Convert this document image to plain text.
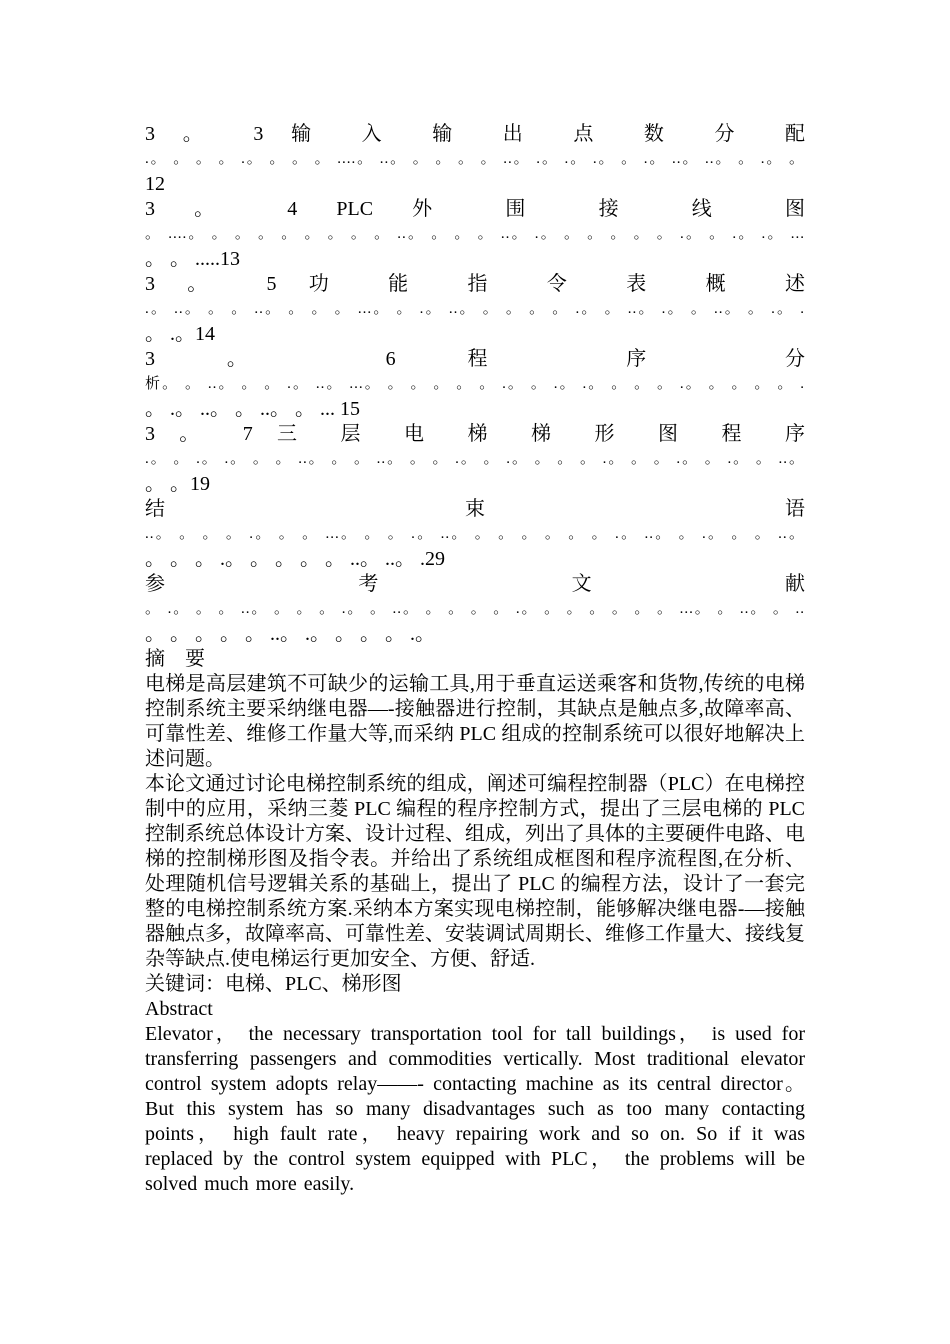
3 。 3 输 入 输 出 点 数 分 配
.。 。 。 。 .。 。 。 。 ....。 ..。 。 。 。 。 ..。 .。 .。 .。 。 .。 ..。 ..。 。 .。 。
12
3 。 4 PLC 外 围 接 线 图
。 ....。 。 。 。 。 。 。 。 。 ..。 。 。 。 ..。 .。 。 。 。 。 。 .。 。 .。 .。 ...
。 。 .....13
3 。 5 功 能 指 令 表 概 述
.。 ..。 。 。 ..。 。 。 。 ...。 。 .。 ..。 。 。 。 。 .。 。 ..。 .。 。 ..。 。 .。 .
。 .。14
3 。 6 程 序 分
析。 。 ..。 。 。 .。 ..。 ...。 。 。 。 。 。 .。 。 .。 .。 。 。 。 .。 。 。 。 。 .
。 .。 ..。 。 ..。 。 ... 15
3 。 7 三 层 电 梯 梯 形 图 程 序
.。 。 .。 .。 。 。 ..。 。 。 ..。 。 。 .。 。 .。 。 。 。 .。 。 。 .。 。 .。 。 ..。
。 。19
结 束 语
..。 。 。 。 .。 。 。 ...。 。 。 .。 ..。 。 。 。 。 。 。 .。 ..。 。 .。 。 。 ..。
。 。 。 .。 。 。 。 。 ..。 ..。 .29
参 考 文 献
。 .。 。 。 ..。 。 。 。 .。 。 ..。 。 。 。 。 .。 。 。 。 。 。 。 ...。 。 ..。 。 ..
。 。 。 。 。 ..。 .。 。 。 。 .。
摘　要
电梯是高层建筑不可缺少的运输工具,用于垂直运送乘客和货物,传统的电梯控制系统主要采纳继电器—-接触器进行控制，其缺点是触点多,故障率高、可靠性差、维修工作量大等,而采纳 PLC 组成的控制系统可以很好地解决上述问题。
本论文通过讨论电梯控制系统的组成，阐述可编程控制器（PLC）在电梯控制中的应用，采纳三菱 PLC 编程的程序控制方式，提出了三层电梯的 PLC 控制系统总体设计方案、设计过程、组成，列出了具体的主要硬件电路、电梯的控制梯形图及指令表。并给出了系统组成框图和程序流程图,在分析、处理随机信号逻辑关系的基础上，提出了 PLC 的编程方法，设计了一套完整的电梯控制系统方案.采纳本方案实现电梯控制，能够解决继电器-—接触器触点多，故障率高、可靠性差、安装调试周期长、维修工作量大、接线复杂等缺点.使电梯运行更加安全、方便、舒适.
关键词：电梯、PLC、梯形图
Abstract
Elevator， the necessary transportation tool for tall buildings， is used for transferring passengers and commodities vertically. Most traditional elevator control system adopts relay——- contacting machine as its central director。 But this system has so many disadvantages such as too many contacting points， high fault rate， heavy repairing work and so on. So if it was replaced by the control system equipped with PLC， the problems will be solved much more easily.
